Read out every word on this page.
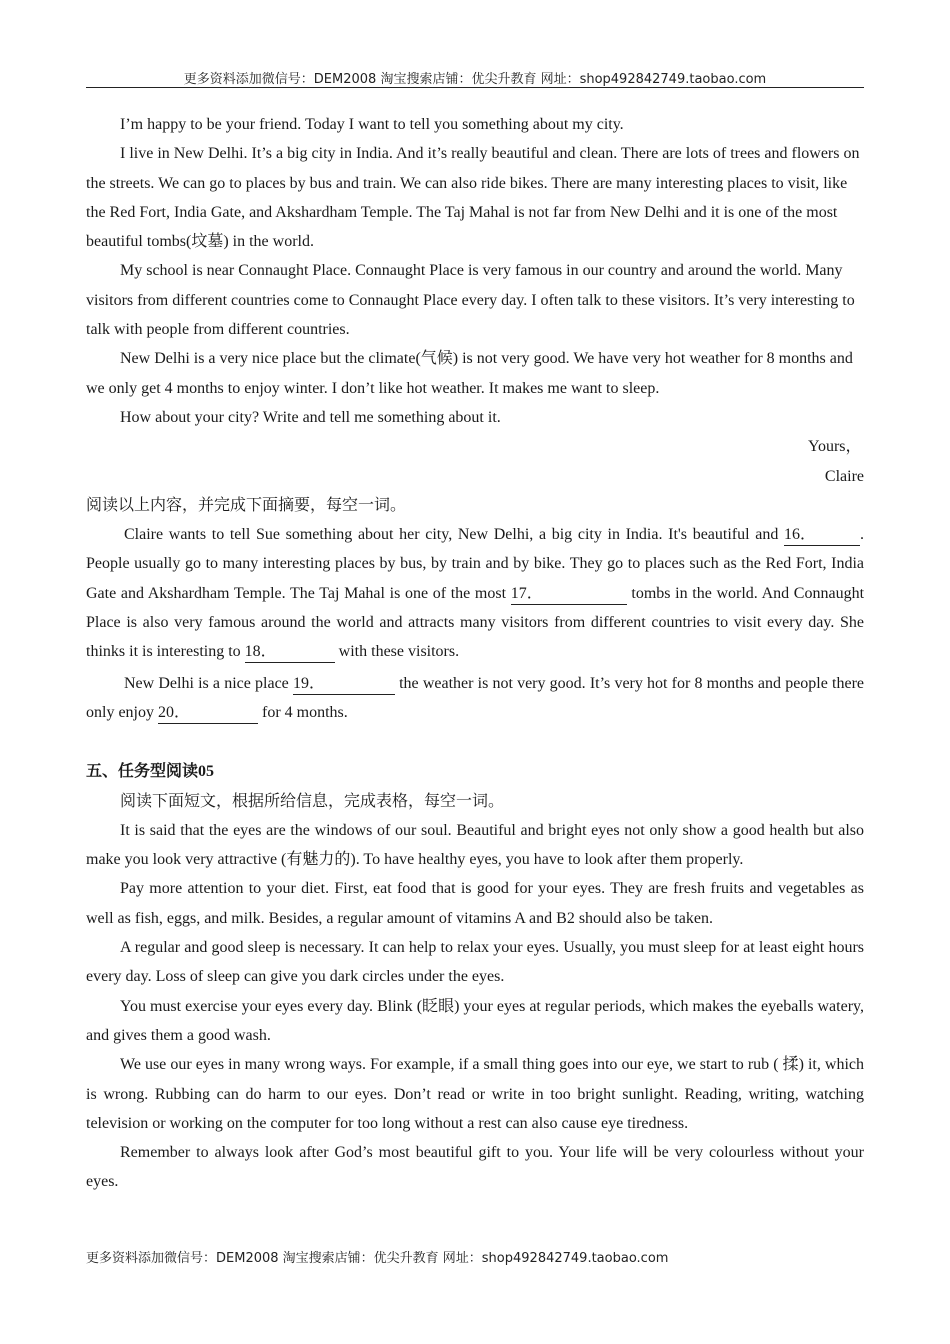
更多资料添加微信号：DEM2008 淘宝搜索店铺：优尖升教育 网址：shop492842749.taobao.com

I’m happy to be your friend. Today I want to tell you something about my city.

I live in New Delhi. It’s a big city in India. And it’s really beautiful and clean. There are lots of trees and flowers on the streets. We can go to places by bus and train. We can also ride bikes. There are many interesting places to visit, like the Red Fort, India Gate, and Akshardham Temple. The Taj Mahal is not far from New Delhi and it is one of the most beautiful tombs(坟墓) in the world.

My school is near Connaught Place. Connaught Place is very famous in our country and around the world. Many visitors from different countries come to Connaught Place every day. I often talk to these visitors. It’s very interesting to talk with people from different countries.

New Delhi is a very nice place but the climate(气候) is not very good. We have very hot weather for 8 months and we only get 4 months to enjoy winter. I don’t like hot weather. It makes me want to sleep.

How about your city? Write and tell me something about it.

Yours，

Claire

阅读以上内容，并完成下面摘要，每空一词。

Claire wants to tell Sue something about her city, New Delhi, a big city in India. It's beautiful and 16．	. People usually go to many interesting places by bus, by train and by bike. They go to places such as the Red Fort, India Gate and Akshardham Temple. The Taj Mahal is one of the most 17．	tombs in the world. And Connaught Place is also very famous around the world and attracts many visitors from different countries to visit every day. She thinks it is interesting to 18．	with these visitors.

New Delhi is a nice place 19．	the weather is not very good. It’s very hot for 8 months and people there only enjoy 20．	for 4 months.

五、任务型阅读05

阅读下面短文，根据所给信息，完成表格，每空一词。

It is said that the eyes are the windows of our soul. Beautiful and bright eyes not only show a good health but also make you look very attractive (有魅力的). To have healthy eyes, you have to look after them properly.

Pay more attention to your diet. First, eat food that is good for your eyes. They are fresh fruits and vegetables as well as fish, eggs, and milk. Besides, a regular amount of vitamins A and B2 should also be taken.

A regular and good sleep is necessary. It can help to relax your eyes. Usually, you must sleep for at least eight hours every day. Loss of sleep can give you dark circles under the eyes.

You must exercise your eyes every day. Blink (眨眼) your eyes at regular periods, which makes the eyeballs watery, and gives them a good wash.

We use our eyes in many wrong ways. For example, if a small thing goes into our eye, we start to rub ( 揉) it, which is wrong. Rubbing can do harm to our eyes. Don’t read or write in too bright sunlight. Reading, writing, watching television or working on the computer for too long without a rest can also cause eye tiredness.

Remember to always look after God’s most beautiful gift to you. Your life will be very colourless without your eyes.

更多资料添加微信号：DEM2008 淘宝搜索店铺：优尖升教育 网址：shop492842749.taobao.com
